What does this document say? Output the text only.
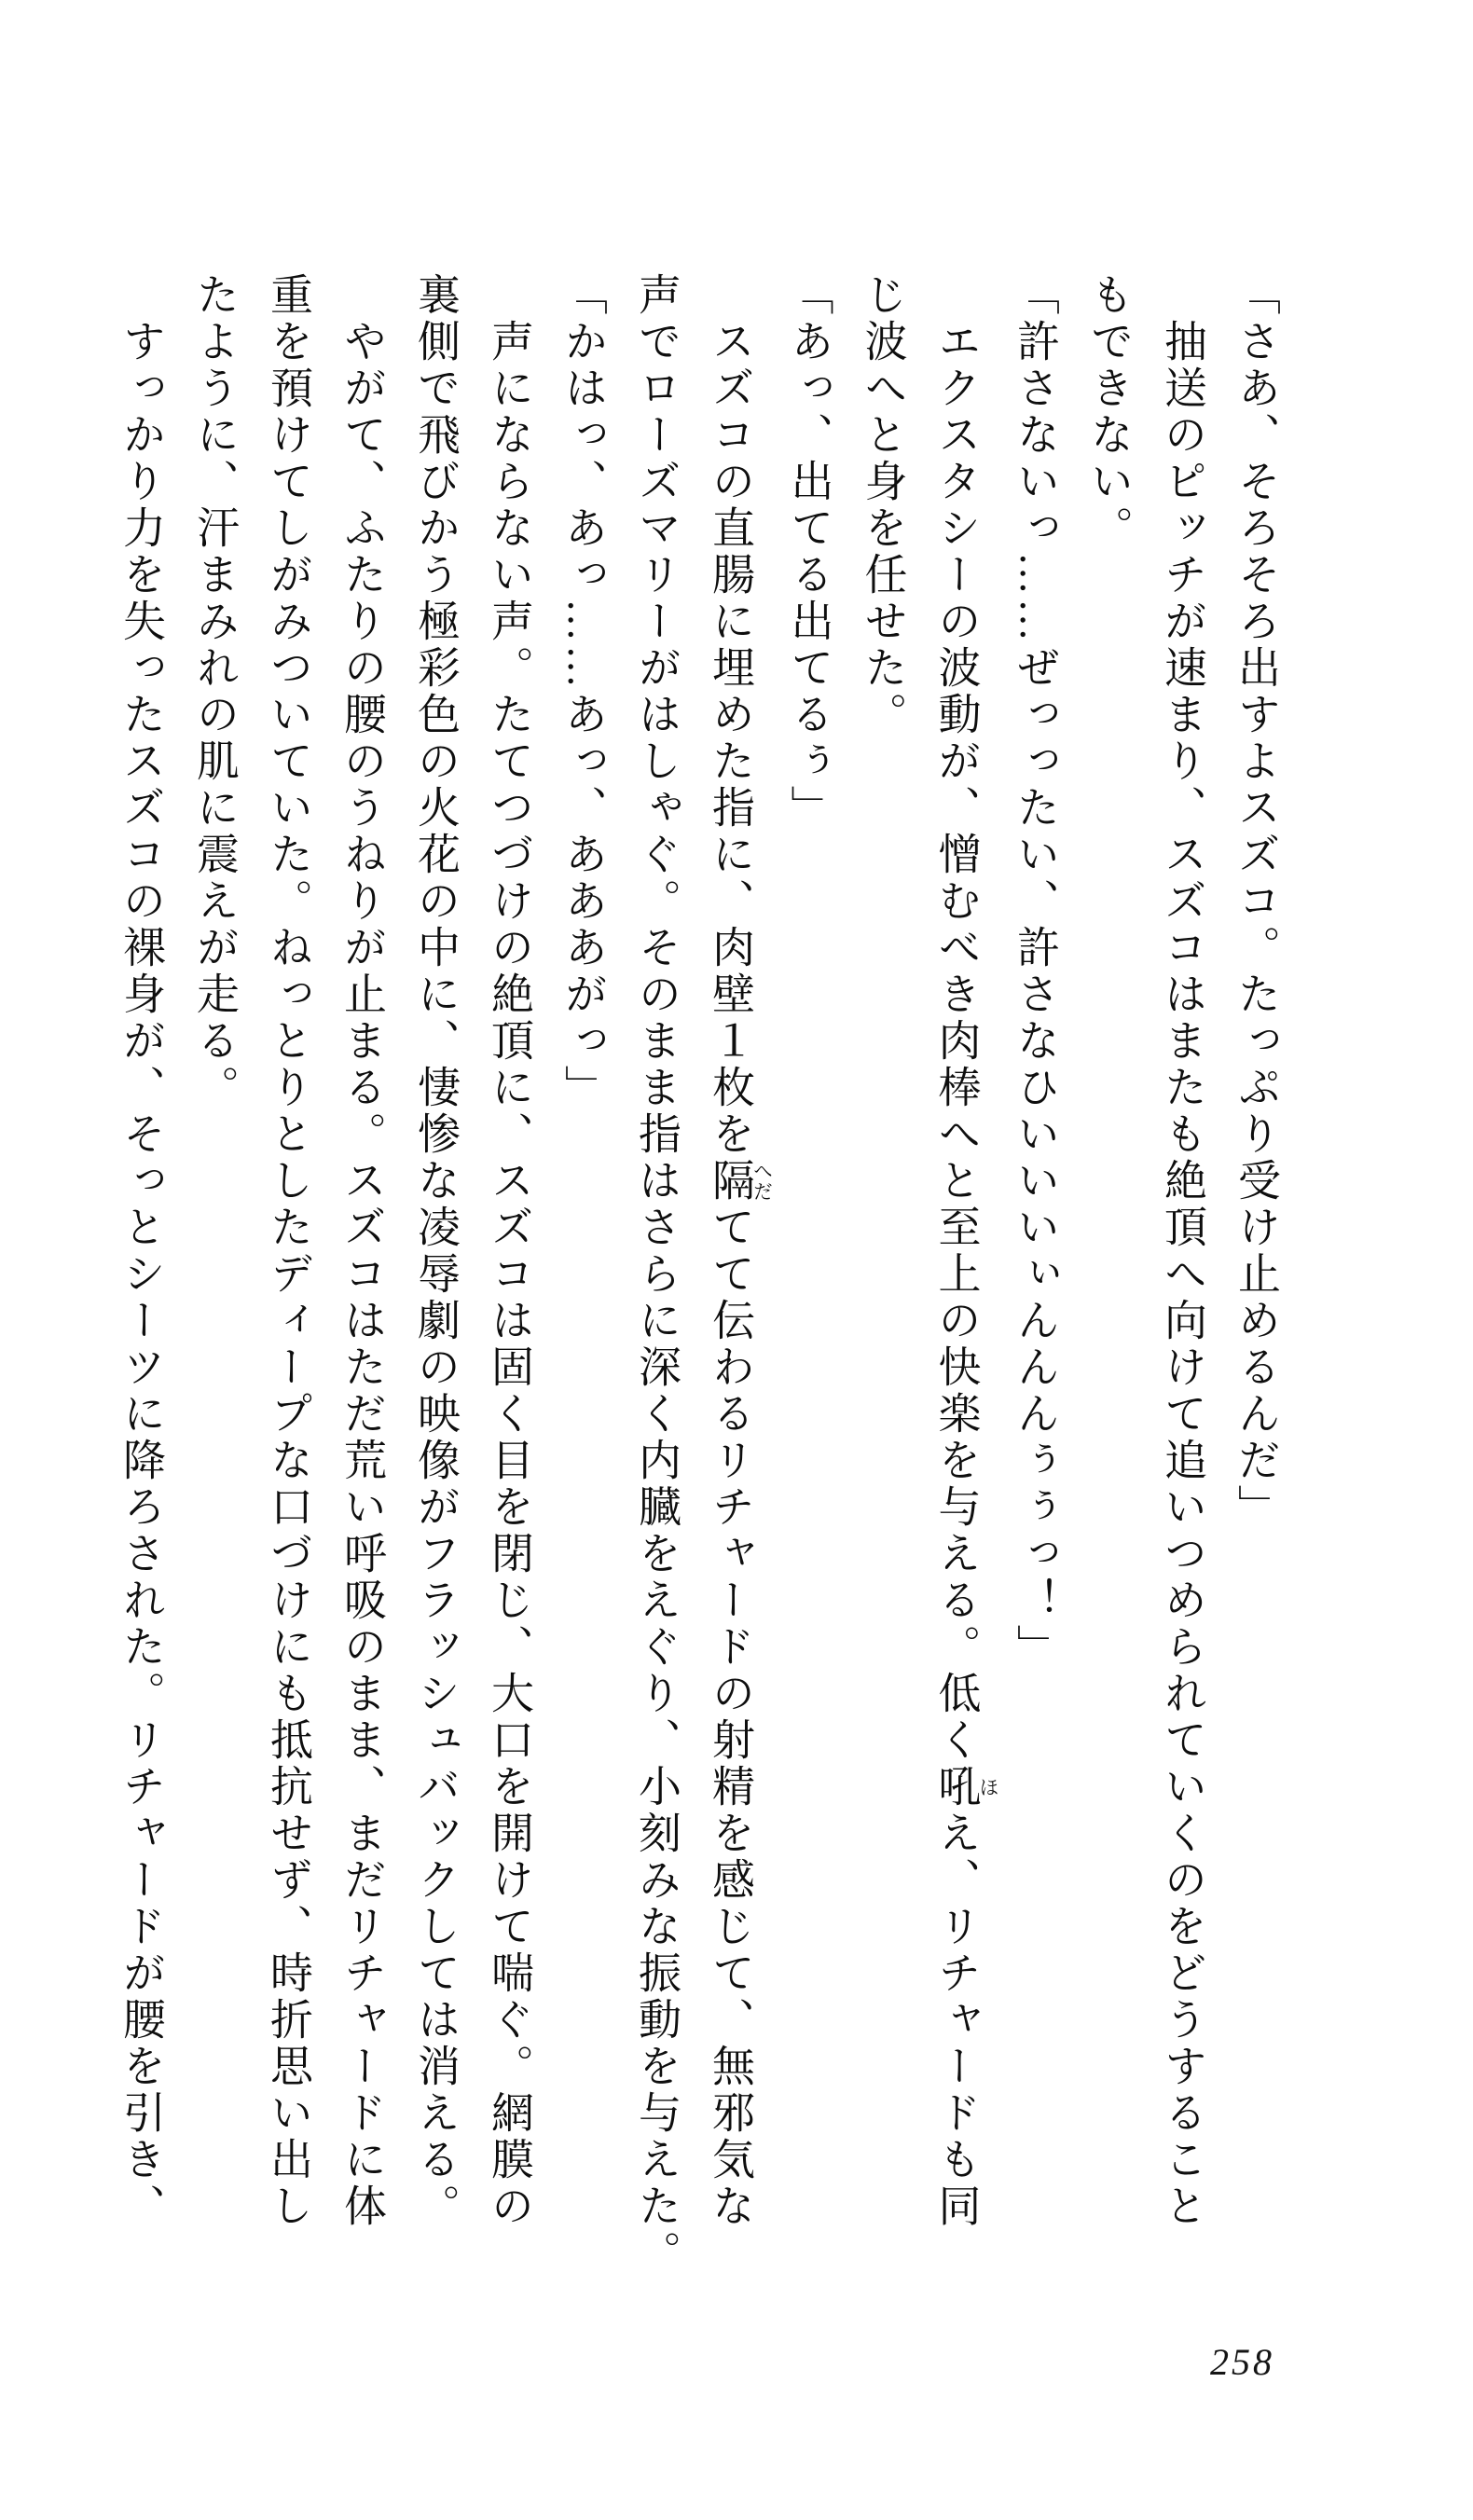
「さあ、そろそろ出すよスズコ。たっぷり受け止めるんだ」
抽送のピッチが速まり、スズコはまたも絶頂へ向けて追いつめられていくのをどうすること
もできない。
「許さないっ……ぜっったい、許さなひいいいぃんんんぅぅっ！」
エクスタシーの波動が、憎むべき肉棒へと至上の快楽を与える。低く吼ほえ、リチャードも同
じ波へと身を任せた。
「あっ、出てる出てるぅ」
スズコの直腸に埋めた指に、肉壁１枚を隔へだてて伝わるリチャードの射精を感じて、無邪気な
声でローズマリーがはしゃぐ。そのまま指はさらに深く内臓をえぐり、小刻みな振動を与えた。
「かはっ、あっ……あっ、あああがっ」
声にならない声。たてつづけの絶頂に、スズコは固く目を閉じ、大口を開けて喘ぐ。網膜の
裏側で飛びかう極彩色の火花の中に、悽惨な凌辱劇の映像がフラッシュバックしては消える。
やがて、ふたりの腰のうねりが止まる。スズコはただ荒い呼吸のまま、まだリチャードに体
重を預けてしがみついていた。ねっとりとしたディープな口づけにも抵抗せず、時折思い出し
たように、汗まみれの肌に震えが走る。
すっかり力を失ったスズコの裸身が、そっとシーツに降ろされた。リチャードが腰を引き、
258
